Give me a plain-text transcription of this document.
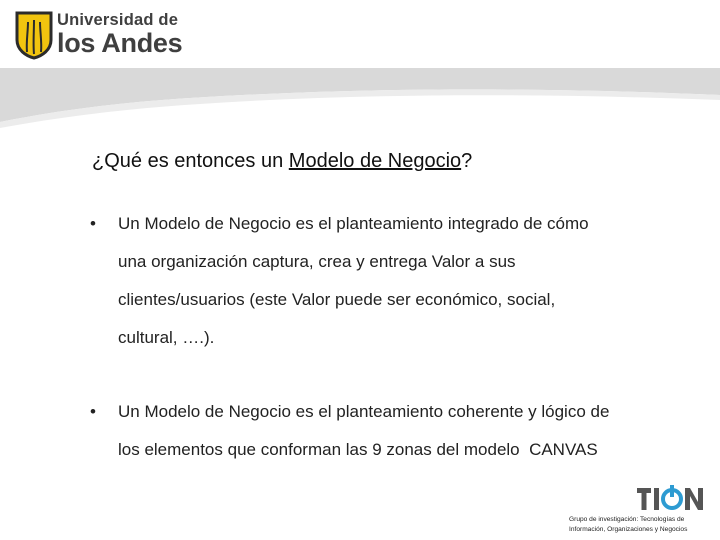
Universidad de
los Andes
¿Qué es entonces un Modelo de Negocio?
• Un Modelo de Negocio es el planteamiento integrado de cómo
una organización captura, crea y entrega Valor a sus
clientes/usuarios (este Valor puede ser económico, social,
cultural, ….).
• Un Modelo de Negocio es el planteamiento coherente y lógico de
los elementos que conforman las 9 zonas del modelo  CANVAS
Grupo de investigación: Tecnologías de
Información, Organizaciones y Negocios
